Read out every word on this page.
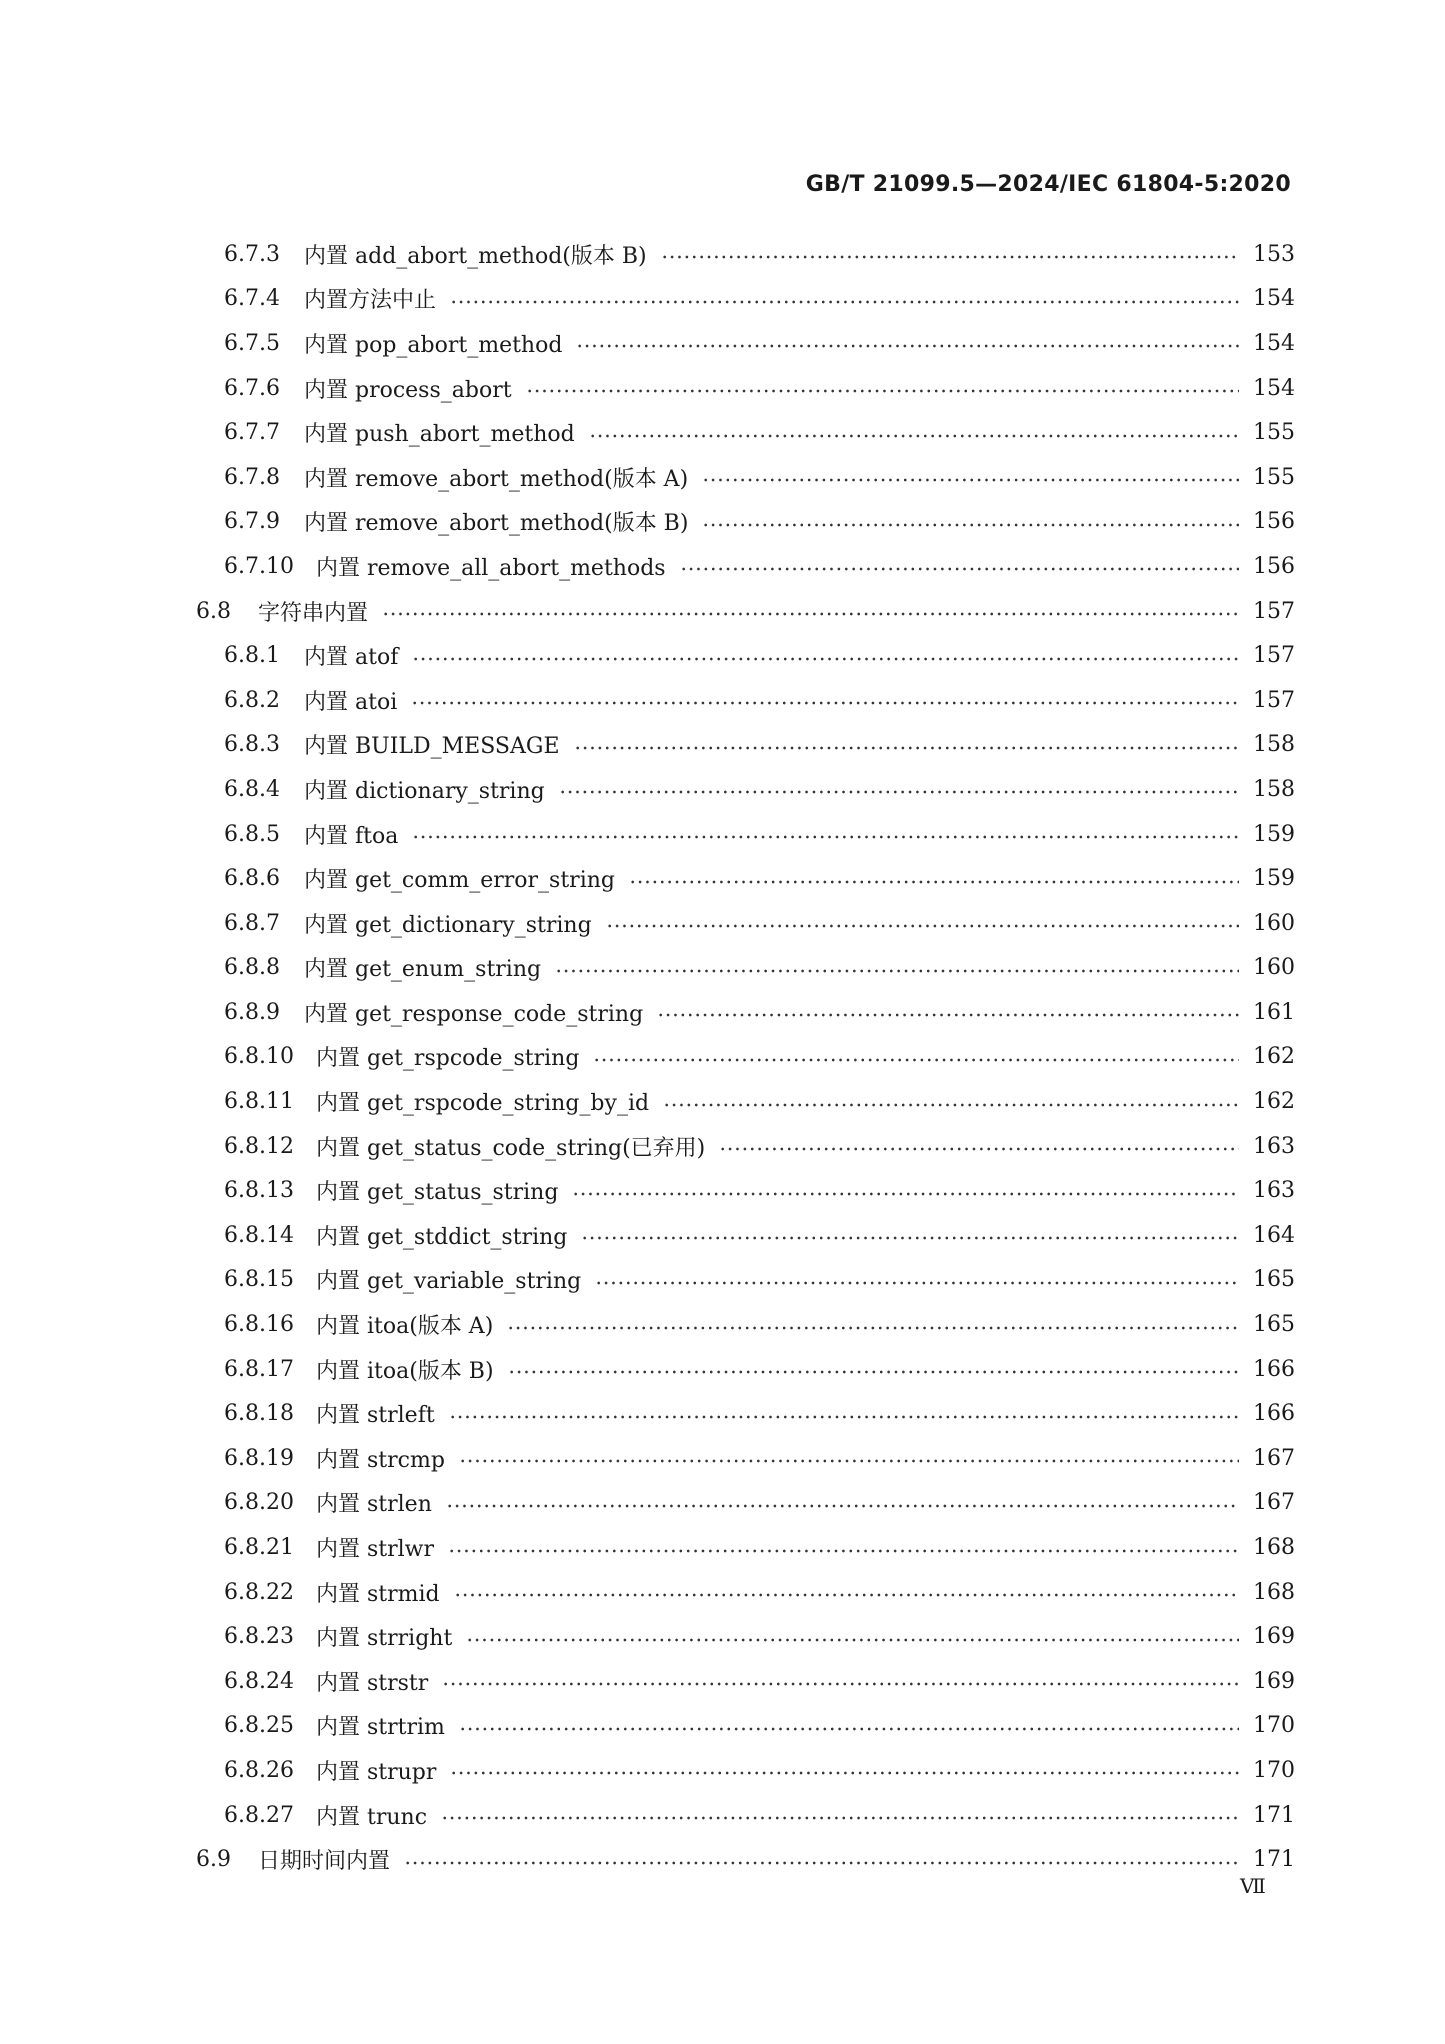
GB/T 21099.5—2024/IEC 61804-5:2020
6.7.3	内置 add_abort_method(版本 B)	153
6.7.4	内置方法中止	154
6.7.5	内置 pop_abort_method	154
6.7.6	内置 process_abort	154
6.7.7	内置 push_abort_method	155
6.7.8	内置 remove_abort_method(版本 A)	155
6.7.9	内置 remove_abort_method(版本 B)	156
6.7.10	内置 remove_all_abort_methods	156
6.8	字符串内置	157
6.8.1	内置 atof	157
6.8.2	内置 atoi	157
6.8.3	内置 BUILD_MESSAGE	158
6.8.4	内置 dictionary_string	158
6.8.5	内置 ftoa	159
6.8.6	内置 get_comm_error_string	159
6.8.7	内置 get_dictionary_string	160
6.8.8	内置 get_enum_string	160
6.8.9	内置 get_response_code_string	161
6.8.10	内置 get_rspcode_string	162
6.8.11	内置 get_rspcode_string_by_id	162
6.8.12	内置 get_status_code_string(已弃用)	163
6.8.13	内置 get_status_string	163
6.8.14	内置 get_stddict_string	164
6.8.15	内置 get_variable_string	165
6.8.16	内置 itoa(版本 A)	165
6.8.17	内置 itoa(版本 B)	166
6.8.18	内置 strleft	166
6.8.19	内置 strcmp	167
6.8.20	内置 strlen	167
6.8.21	内置 strlwr	168
6.8.22	内置 strmid	168
6.8.23	内置 strright	169
6.8.24	内置 strstr	169
6.8.25	内置 strtrim	170
6.8.26	内置 strupr	170
6.8.27	内置 trunc	171
6.9	日期时间内置	171
Ⅶ
